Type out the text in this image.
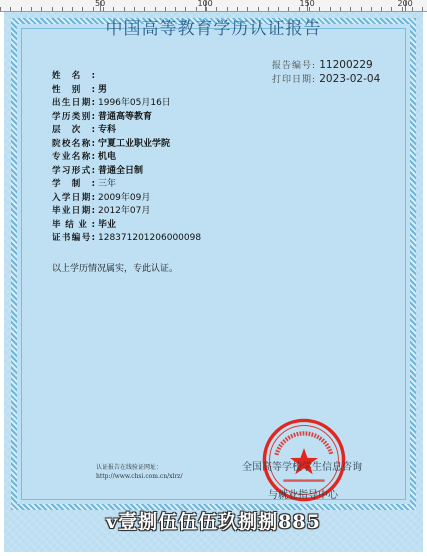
50	100	150	200
中国高等教育学历认证报告
报告编号: 11200229
打印日期: 2023-02-04
姓名:
性别: 男
出生日期: 1996年05月16日
学历类别: 普通高等教育
层次: 专科
院校名称: 宁夏工业职业学院
专业名称: 机电
学习形式: 普通全日制
学制: 三年
入学日期: 2009年09月
毕业日期: 2012年07月
毕结业: 毕业
证书编号: 128371201206000098
以上学历情况属实，专此认证。
认证报告在线验证网址：
http://www.chsi.com.cn/xlrz/
全国高等学校学生信息咨询
与就业指导中心
v壹捌伍伍伍玖捌捌885
